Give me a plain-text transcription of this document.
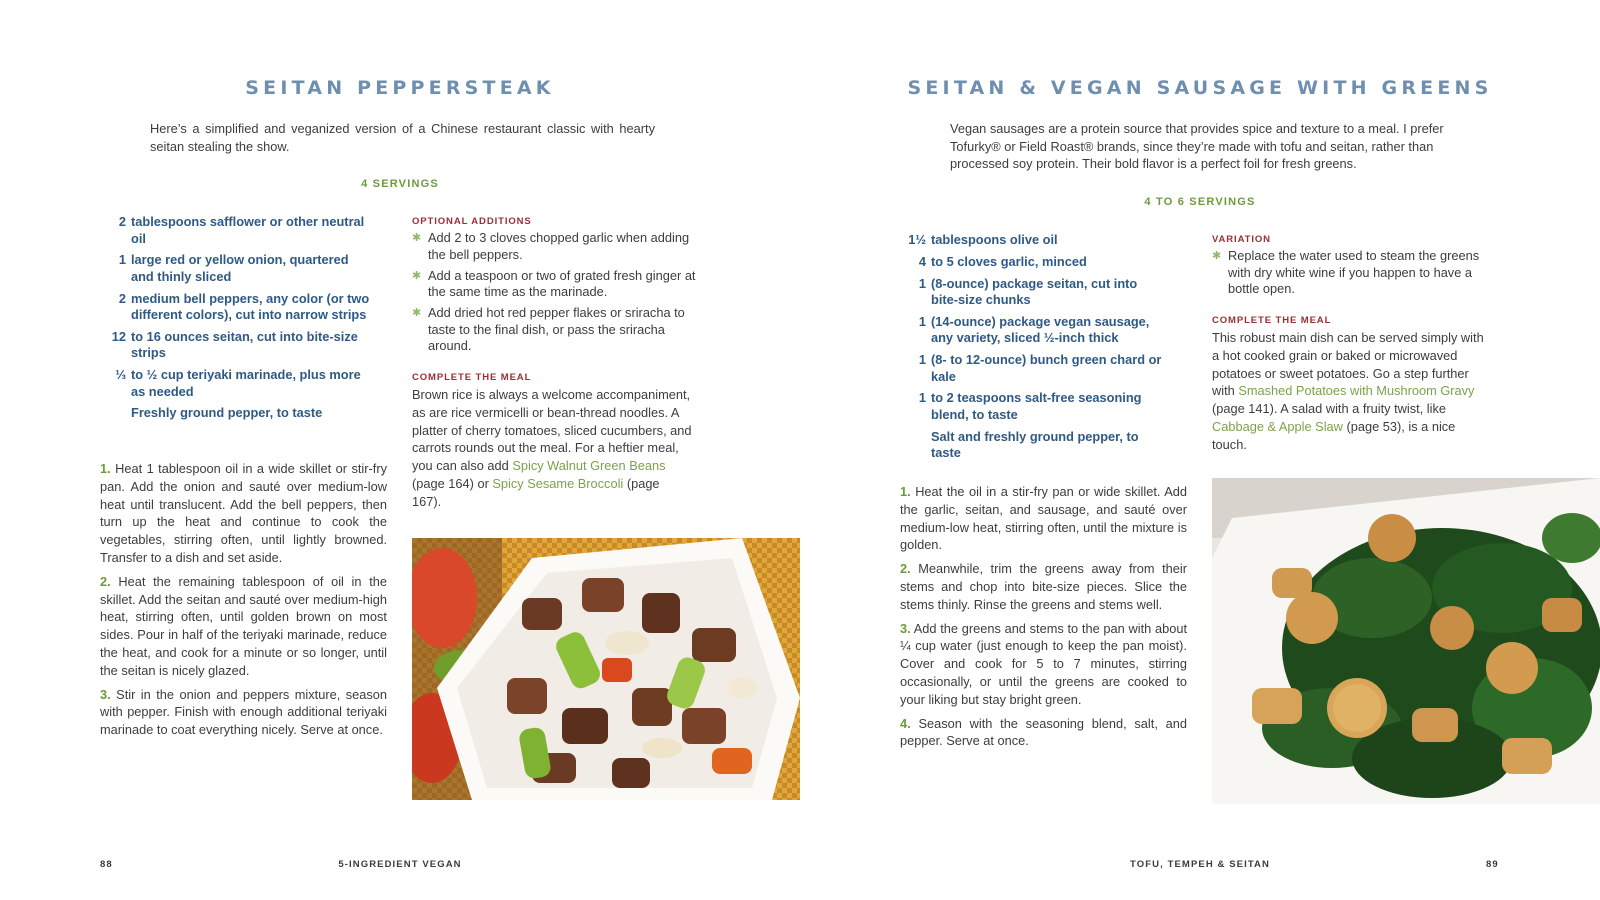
SEITAN PEPPERSTEAK
Here’s a simplified and veganized version of a Chinese restaurant classic with hearty seitan stealing the show.
4 SERVINGS
2 tablespoons safflower or other neutral oil
1 large red or yellow onion, quartered and thinly sliced
2 medium bell peppers, any color (or two different colors), cut into narrow strips
12 to 16 ounces seitan, cut into bite-size strips
⅓ to ½ cup teriyaki marinade, plus more as needed
Freshly ground pepper, to taste
OPTIONAL ADDITIONS
✱ Add 2 to 3 cloves chopped garlic when adding the bell peppers.
✱ Add a teaspoon or two of grated fresh ginger at the same time as the marinade.
✱ Add dried hot red pepper flakes or sriracha to taste to the final dish, or pass the sriracha around.
COMPLETE THE MEAL
Brown rice is always a welcome accompaniment, as are rice vermicelli or bean-thread noodles. A platter of cherry tomatoes, sliced cucumbers, and carrots rounds out the meal. For a heftier meal, you can also add Spicy Walnut Green Beans (page 164) or Spicy Sesame Broccoli (page 167).
1. Heat 1 tablespoon oil in a wide skillet or stir-fry pan. Add the onion and sauté over medium-low heat until translucent. Add the bell peppers, then turn up the heat and continue to cook the vegetables, stirring often, until lightly browned. Transfer to a dish and set aside.
2. Heat the remaining tablespoon of oil in the skillet. Add the seitan and sauté over medium-high heat, stirring often, until golden brown on most sides. Pour in half of the teriyaki marinade, reduce the heat, and cook for a minute or so longer, until the seitan is nicely glazed.
3. Stir in the onion and peppers mixture, season with pepper. Finish with enough additional teriyaki marinade to coat everything nicely. Serve at once.
88	5-INGREDIENT VEGAN
SEITAN & VEGAN SAUSAGE WITH GREENS
Vegan sausages are a protein source that provides spice and texture to a meal. I prefer Tofurky® or Field Roast® brands, since they’re made with tofu and seitan, rather than processed soy protein. Their bold flavor is a perfect foil for fresh greens.
4 TO 6 SERVINGS
1½ tablespoons olive oil
4 to 5 cloves garlic, minced
1 (8-ounce) package seitan, cut into bite-size chunks
1 (14-ounce) package vegan sausage, any variety, sliced ½-inch thick
1 (8- to 12-ounce) bunch green chard or kale
1 to 2 teaspoons salt-free seasoning blend, to taste
Salt and freshly ground pepper, to taste
VARIATION
✱ Replace the water used to steam the greens with dry white wine if you happen to have a bottle open.
COMPLETE THE MEAL
This robust main dish can be served simply with a hot cooked grain or baked or microwaved potatoes or sweet potatoes. Go a step further with Smashed Potatoes with Mushroom Gravy (page 141). A salad with a fruity twist, like Cabbage & Apple Slaw (page 53), is a nice touch.
1. Heat the oil in a stir-fry pan or wide skillet. Add the garlic, seitan, and sausage, and sauté over medium-low heat, stirring often, until the mixture is golden.
2. Meanwhile, trim the greens away from their stems and chop into bite-size pieces. Slice the stems thinly. Rinse the greens and stems well.
3. Add the greens and stems to the pan with about ¼ cup water (just enough to keep the pan moist). Cover and cook for 5 to 7 minutes, stirring occasionally, or until the greens are cooked to your liking but stay bright green.
4. Season with the seasoning blend, salt, and pepper. Serve at once.
TOFU, TEMPEH & SEITAN	89
